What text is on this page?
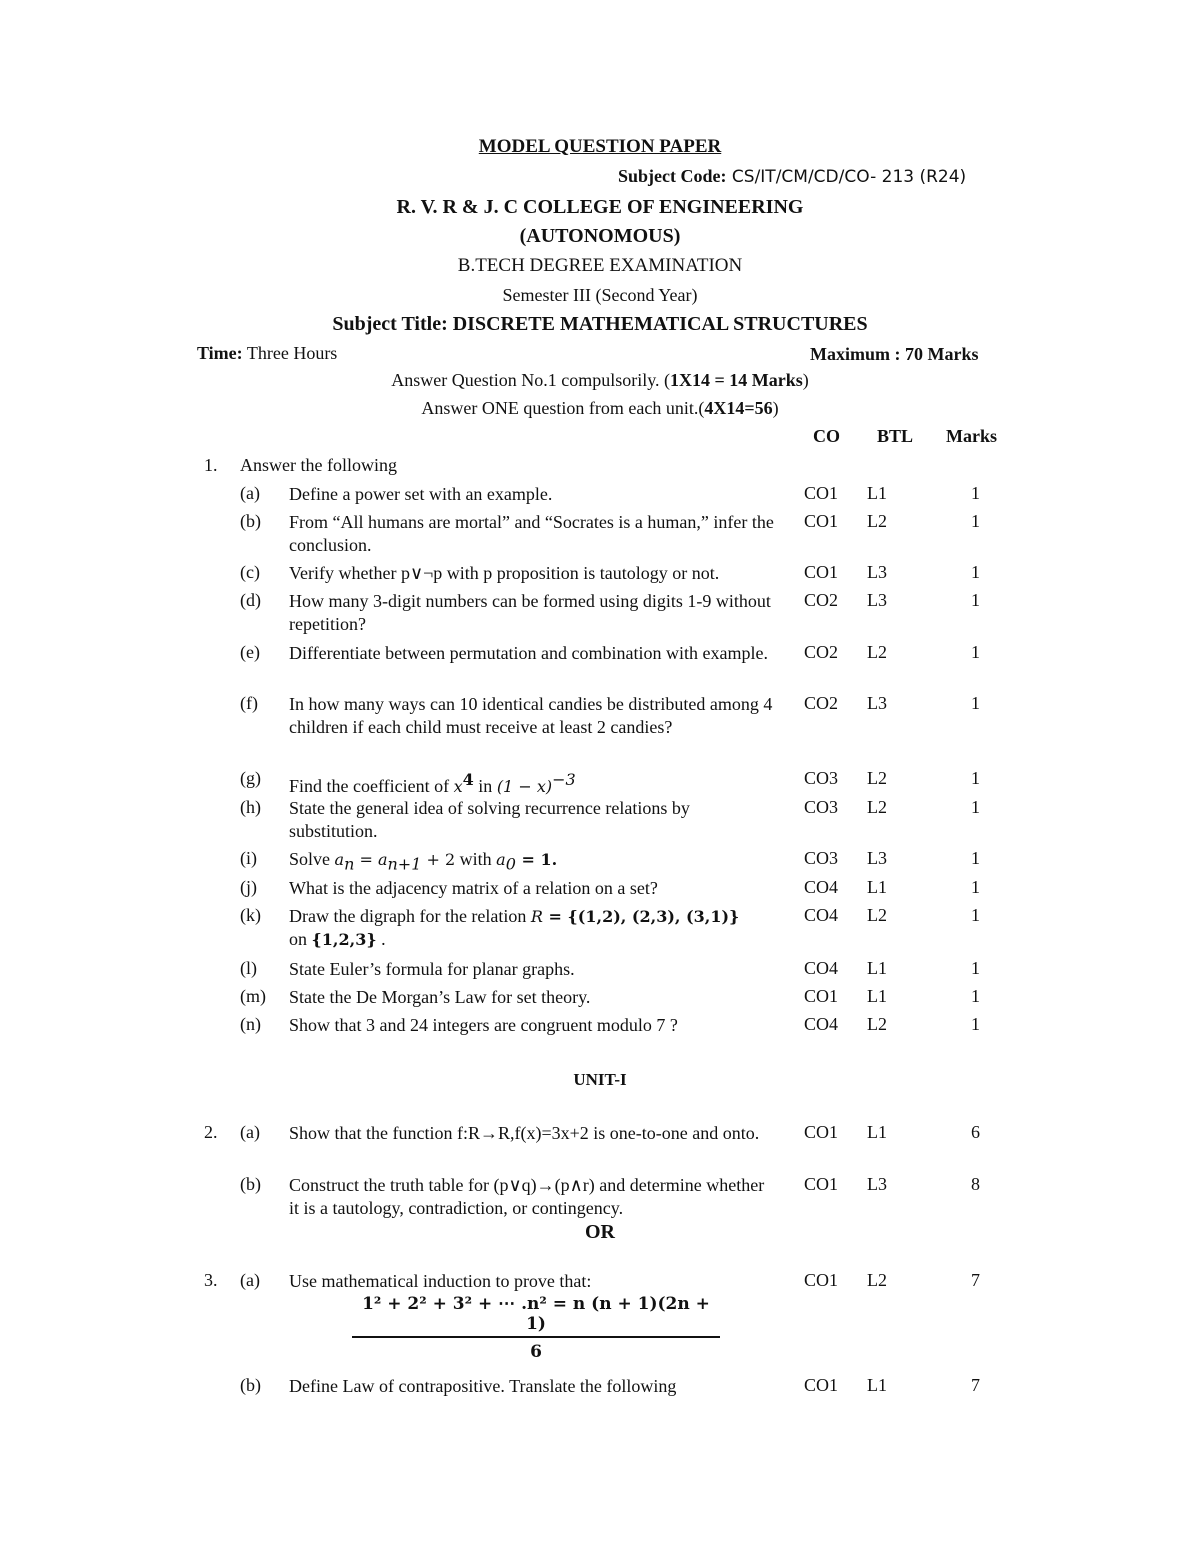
MODEL QUESTION PAPER
Subject Code: CS/IT/CM/CD/CO- 213 (R24)
R. V. R & J. C COLLEGE OF ENGINEERING
(AUTONOMOUS)
B.TECH DEGREE EXAMINATION
Semester III (Second Year)
Subject Title: DISCRETE MATHEMATICAL STRUCTURES
Time: Three Hours	Maximum : 70 Marks
Answer Question No.1 compulsorily. (1X14 = 14 Marks)
Answer ONE question from each unit.(4X14=56)
CO BTL Marks
1. Answer the following
(a) Define a power set with an example.	CO1 L1	1
(b) From “All humans are mortal” and “Socrates is a human,” infer the conclusion.
CO1 L2	1
(c) Verify whether p∨¬p with p proposition is tautology or not.	CO1 L3	1
(d) How many 3-digit numbers can be formed using digits 1-9 without repetition?
CO2 L3	1
(e) Differentiate between permutation and combination with example.	CO2 L2	1
(f) In how many ways can 10 identical candies be distributed among 4 children if each child must receive at least 2 candies?
CO2 L3	1
(g) Find the coefficient of $x^4$ in $(1 - x)^{-3}$	CO3 L2	1
(h) State the general idea of solving recurrence relations by substitution.
CO3 L2	1
(i) Solve $a_n = a_{n+1} + 2$ with $a_0 = 1$.	CO3 L3	1
(j) What is the adjacency matrix of a relation on a set?	CO4 L1	1
(k) Draw the digraph for the relation R = {(1,2), (2,3), (3,1)}
on {1,2,3} .
CO4 L2	1
(l) State Euler’s formula for planar graphs.	CO4 L1	1
(m) State the De Morgan’s Law for set theory.	CO1 L1	1
(n) Show that 3 and 24 integers are congruent modulo 7 ?	CO4 L2	1
UNIT-I
2. (a) Show that the function f:R→R,f(x)=3x+2 is one-to-one and onto.	CO1 L1	6
(b) Construct the truth table for (p∨q)→(p∧r) and determine whether it is a tautology, contradiction, or contingency.
CO1 L3	8
OR
3. (a) Use mathematical induction to prove that:	CO1 L2	7
$\frac{\text{1² + 2² + 3² + ⋯ .n² = n (n + 1)(2n + 1)}}{6}$
(b) Define Law of contrapositive. Translate the following	CO1 L1	7
